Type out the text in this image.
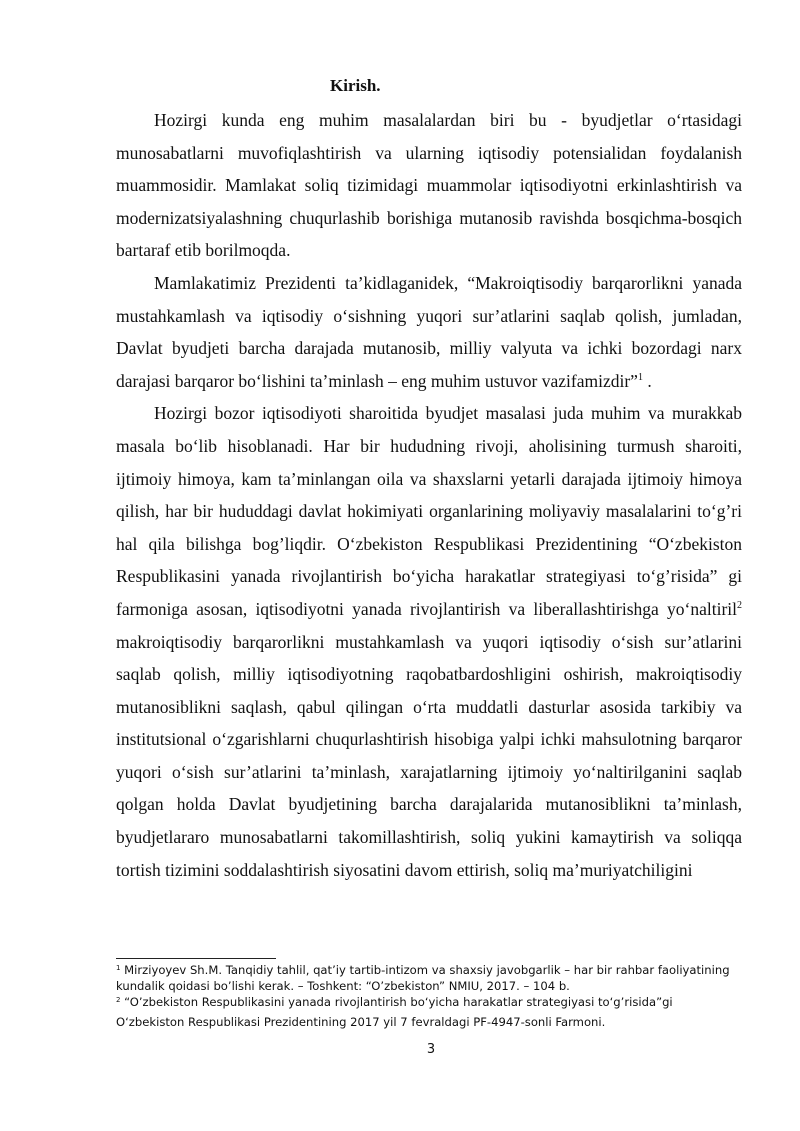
Kirish.

Hozirgi kunda eng muhim masalalardan biri bu - byudjetlar o‘rtasidagi munosabatlarni muvofiqlashtirish va ularning iqtisodiy potensialidan foydalanish muammosidir. Mamlakat soliq tizimidagi muammolar iqtisodiyotni erkinlashtirish va modernizatsiyalashning chuqurlashib borishiga mutanosib ravishda bosqichma-bosqich bartaraf etib borilmoqda.

Mamlakatimiz Prezidenti ta’kidlaganidek, “Makroiqtisodiy barqarorlikni yanada mustahkamlash va iqtisodiy o‘sishning yuqori sur’atlarini saqlab qolish, jumladan, Davlat byudjeti barcha darajada mutanosib, milliy valyuta va ichki bozordagi narx darajasi barqaror bo‘lishini ta’minlash – eng muhim ustuvor vazifamizdir”$^1$ .

Hozirgi bozor iqtisodiyoti sharoitida byudjet masalasi juda muhim va murakkab masala bo‘lib hisoblanadi. Har bir hududning rivoji, aholisining turmush sharoiti, ijtimoiy himoya, kam ta’minlangan oila va shaxslarni yetarli darajada ijtimoiy himoya qilish, har bir hududdagi davlat hokimiyati organlarining moliyaviy masalalarini to‘g’ri hal qila bilishga bog’liqdir. O‘zbekiston Respublikasi Prezidentining “O‘zbekiston Respublikasini yanada rivojlantirish bo‘yicha harakatlar strategiyasi to‘g’risida” gi farmoniga asosan, iqtisodiyotni yanada rivojlantirish va liberallashtirishga yo‘naltiril$^2$ makroiqtisodiy barqarorlikni mustahkamlash va yuqori iqtisodiy o‘sish sur’atlarini saqlab qolish, milliy iqtisodiyotning raqobatbardoshligini oshirish, makroiqtisodiy mutanosiblikni saqlash, qabul qilingan o‘rta muddatli dasturlar asosida tarkibiy va institutsional o‘zgarishlarni chuqurlashtirish hisobiga yalpi ichki mahsulotning barqaror yuqori o‘sish sur’atlarini ta’minlash, xarajatlarning ijtimoiy yo‘naltirilganini saqlab qolgan holda Davlat byudjetining barcha darajalarida mutanosiblikni ta’minlash, byudjetlararo munosabatlarni takomillashtirish, soliq yukini kamaytirish va soliqqa tortish tizimini soddalashtirish siyosatini davom ettirish, soliq ma’muriyatchiligini

$^1$ Mirziyoyev Sh.M. Tanqidiy tahlil, qat’iy tartib-intizom va shaxsiy javobgarlik – har bir rahbar faoliyatining kundalik qoidasi bo’lishi kerak. – Toshkent: “O’zbekiston” NMIU, 2017. – 104 b.

$^2$ “O’zbekiston Respublikasini yanada rivojlantirish bo‘yicha harakatlar strategiyasi to‘g’risida”gi

O‘zbekiston Respublikasi Prezidentining 2017 yil 7 fevraldagi PF-4947-sonli Farmoni.

3
